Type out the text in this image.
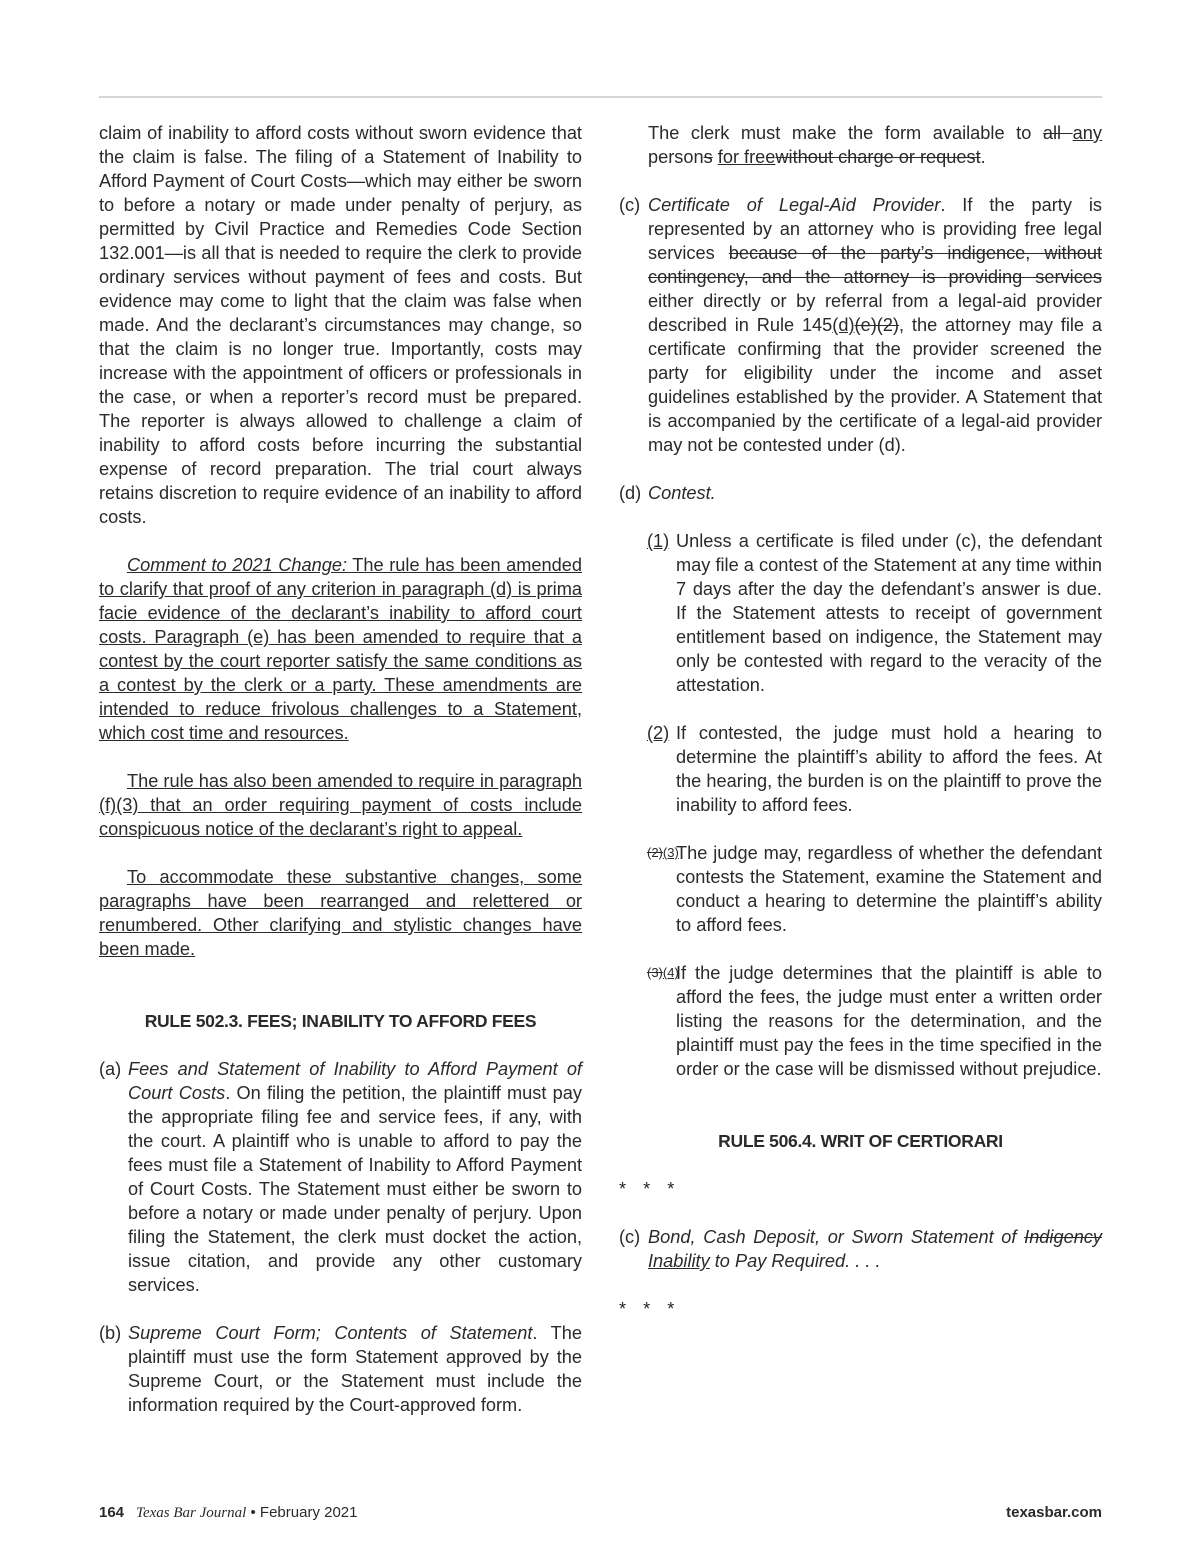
claim of inability to afford costs without sworn evidence that the claim is false. The filing of a Statement of Inability to Afford Payment of Court Costs—which may either be sworn to before a notary or made under penalty of perjury, as permitted by Civil Practice and Remedies Code Section 132.001—is all that is needed to require the clerk to provide ordinary services without payment of fees and costs. But evidence may come to light that the claim was false when made. And the declarant’s circumstances may change, so that the claim is no longer true. Importantly, costs may increase with the appointment of officers or professionals in the case, or when a reporter’s record must be prepared. The reporter is always allowed to challenge a claim of inability to afford costs before incurring the substantial expense of record preparation. The trial court always retains discretion to require evidence of an inability to afford costs.

Comment to 2021 Change: The rule has been amended to clarify that proof of any criterion in paragraph (d) is prima facie evidence of the declarant’s inability to afford court costs. Paragraph (e) has been amended to require that a contest by the court reporter satisfy the same conditions as a contest by the clerk or a party. These amendments are intended to reduce frivolous challenges to a Statement, which cost time and resources.

The rule has also been amended to require in paragraph (f)(3) that an order requiring payment of costs include conspicuous notice of the declarant’s right to appeal.

To accommodate these substantive changes, some paragraphs have been rearranged and relettered or renumbered. Other clarifying and stylistic changes have been made.

RULE 502.3. FEES; INABILITY TO AFFORD FEES

(a) Fees and Statement of Inability to Afford Payment of Court Costs. On filing the petition, the plaintiff must pay the appropriate filing fee and service fees, if any, with the court. A plaintiff who is unable to afford to pay the fees must file a Statement of Inability to Afford Payment of Court Costs. The Statement must either be sworn to before a notary or made under penalty of perjury. Upon filing the Statement, the clerk must docket the action, issue citation, and provide any other customary services.
(b) Supreme Court Form; Contents of Statement. The plaintiff must use the form Statement approved by the Supreme Court, or the Statement must include the information required by the Court-approved form.

The clerk must make the form available to all any persons for freewithout charge or request.

(c) Certificate of Legal-Aid Provider. If the party is represented by an attorney who is providing free legal services because of the party’s indigence, without contingency, and the attorney is providing services either directly or by referral from a legal-aid provider described in Rule 145(d)(e)(2), the attorney may file a certificate confirming that the provider screened the party for eligibility under the income and asset guidelines established by the provider. A Statement that is accompanied by the certificate of a legal-aid provider may not be contested under (d).
(d) Contest.
(1) Unless a certificate is filed under (c), the defendant may file a contest of the Statement at any time within 7 days after the day the defendant’s answer is due. If the Statement attests to receipt of government entitlement based on indigence, the Statement may only be contested with regard to the veracity of the attestation.
(2) If contested, the judge must hold a hearing to determine the plaintiff’s ability to afford the fees. At the hearing, the burden is on the plaintiff to prove the inability to afford fees.
(2)(3)
The judge may, regardless of whether the defendant contests the Statement, examine the Statement and conduct a hearing to determine the plaintiff’s ability to afford fees.
(3)(4)
If the judge determines that the plaintiff is able to afford the fees, the judge must enter a written order listing the reasons for the determination, and the plaintiff must pay the fees in the time specified in the order or the case will be dismissed without prejudice.

RULE 506.4. WRIT OF CERTIORARI

* * *

(c) Bond, Cash Deposit, or Sworn Statement of Indigency Inability to Pay Required. . . .

* * *

164 Texas Bar Journal • February 2021	texasbar.com
